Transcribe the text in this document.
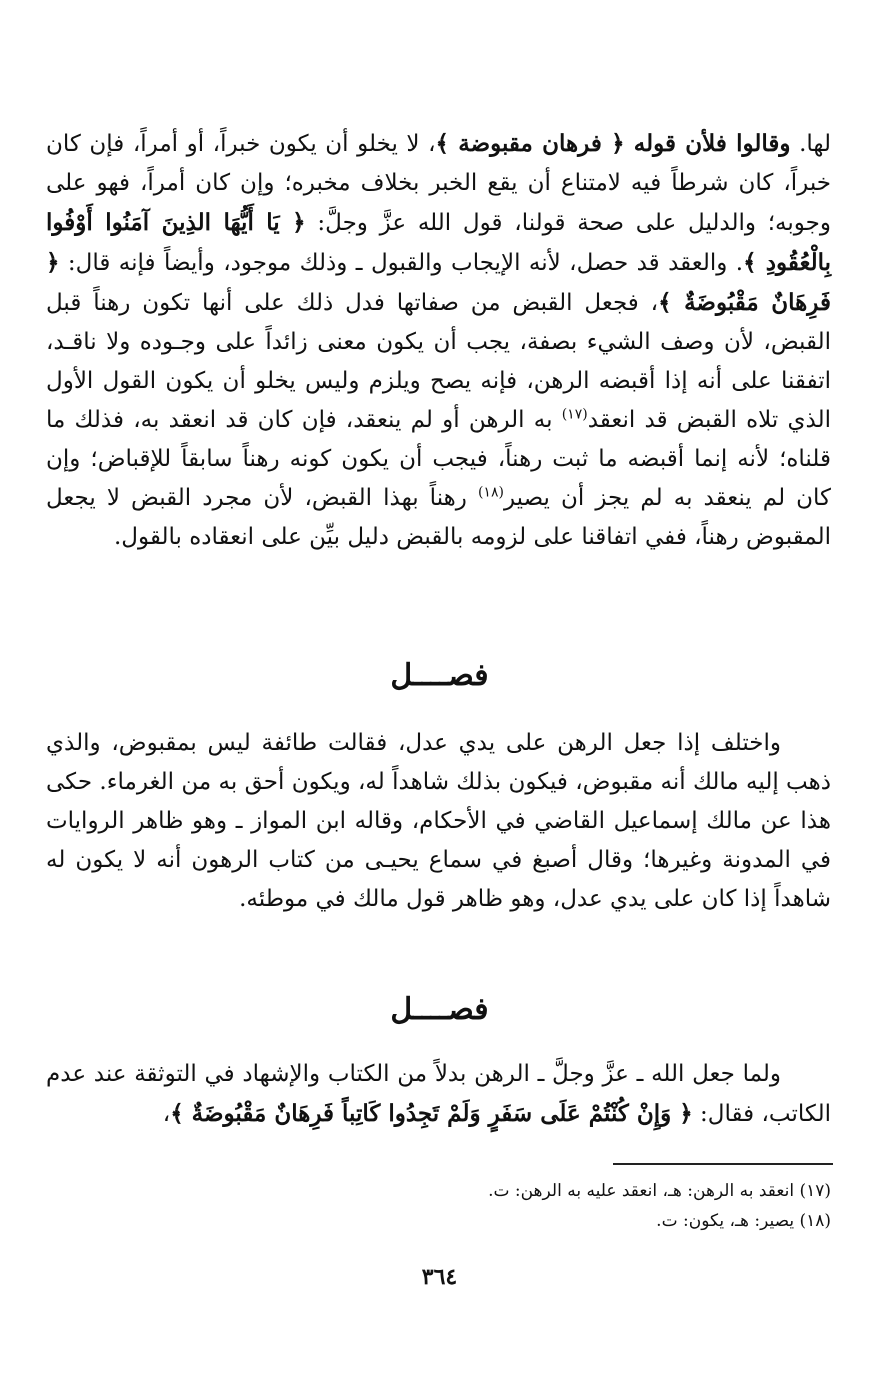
لها. وقالوا فلأن قوله ﴿ فرهان مقبوضة ﴾، لا يخلو أن يكون خبراً، أو أمراً، فإن كان خبراً، كان شرطاً فيه لامتناع أن يقع الخبر بخلاف مخبره؛ وإن كان أمراً، فهو على وجوبه؛ والدليل على صحة قولنا، قول الله عزَّ وجلَّ: ﴿ يَا أَيُّهَا الذِينَ آمَنُوا أَوْفُوا بِالْعُقُودِ ﴾. والعقد قد حصل، لأنه الإيجاب والقبول ـ وذلك موجود، وأيضاً فإنه قال: ﴿ فَرِهَانٌ مَقْبُوضَةٌ ﴾، فجعل القبض من صفاتها فدل ذلك على أنها تكون رهناً قبل القبض، لأن وصف الشيء بصفة، يجب أن يكون معنى زائداً على وجـوده ولا ناقـد، اتفقنا على أنه إذا أقبضه الرهن، فإنه يصح ويلزم وليس يخلو أن يكون القول الأول الذي تلاه القبض قد انعقد$^{(١٧)}$ به الرهن أو لم ينعقد، فإن كان قد انعقد به، فذلك ما قلناه؛ لأنه إنما أقبضه ما ثبت رهناً، فيجب أن يكون كونه رهناً سابقاً للإقباض؛ وإن كان لم ينعقد به لم يجز أن يصير$^{(١٨)}$ رهناً بهذا القبض، لأن مجرد القبض لا يجعل المقبوض رهناً، ففي اتفاقنا على لزومه بالقبض دليل بيِّن على انعقاده بالقول.

فصــــل

واختلف إذا جعل الرهن على يدي عدل، فقالت طائفة ليس بمقبوض، والذي ذهب إليه مالك أنه مقبوض، فيكون بذلك شاهداً له، ويكون أحق به من الغرماء. حكى هذا عن مالك إسماعيل القاضي في الأحكام، وقاله ابن المواز ـ وهو ظاهر الروايات في المدونة وغيرها؛ وقال أصبغ في سماع يحيـى من كتاب الرهون أنه لا يكون له شاهداً إذا كان على يدي عدل، وهو ظاهر قول مالك في موطئه.

فصــــل

ولما جعل الله ـ عزَّ وجلَّ ـ الرهن بدلاً من الكتاب والإشهاد في التوثقة عند عدم الكاتب، فقال: ﴿ وَإِنْ كُنْتُمْ عَلَى سَفَرٍ وَلَمْ تَجِدُوا كَاتِباً فَرِهَانٌ مَقْبُوضَةٌ ﴾،

(١٧) انعقد به الرهن: هـ، انعقد عليه به الرهن: ت.

(١٨) يصير: هـ، يكون: ت.

٣٦٤
